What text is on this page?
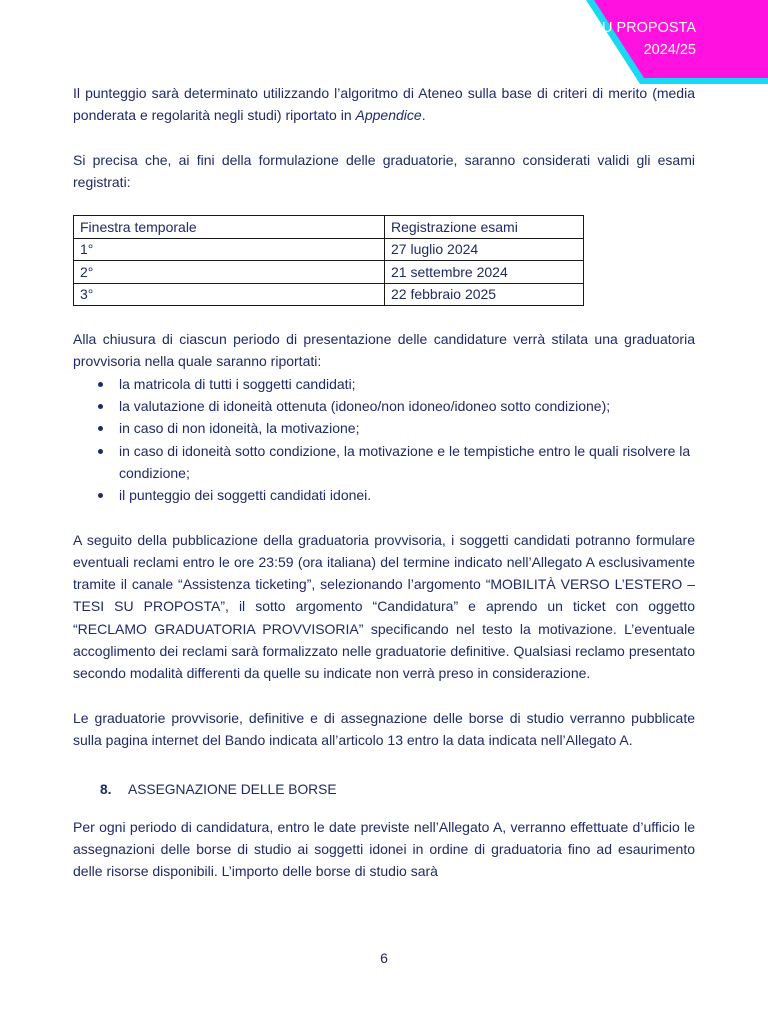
TESI SU PROPOSTA
2024/25

Il punteggio sarà determinato utilizzando l’algoritmo di Ateneo sulla base di criteri di merito (media ponderata e regolarità negli studi) riportato in Appendice.

Si precisa che, ai fini della formulazione delle graduatorie, saranno considerati validi gli esami registrati:

Finestra temporale	Registrazione esami
1°	27 luglio 2024
2°	21 settembre 2024
3°	22 febbraio 2025

Alla chiusura di ciascun periodo di presentazione delle candidature verrà stilata una graduatoria provvisoria nella quale saranno riportati:

la matricola di tutti i soggetti candidati;
la valutazione di idoneità ottenuta (idoneo/non idoneo/idoneo sotto condizione);
in caso di non idoneità, la motivazione;
in caso di idoneità sotto condizione, la motivazione e le tempistiche entro le quali risolvere la condizione;
il punteggio dei soggetti candidati idonei.

A seguito della pubblicazione della graduatoria provvisoria, i soggetti candidati potranno formulare eventuali reclami entro le ore 23:59 (ora italiana) del termine indicato nell’Allegato A esclusivamente tramite il canale “Assistenza ticketing”, selezionando l’argomento “MOBILITÀ VERSO L’ESTERO – TESI SU PROPOSTA”, il sotto argomento “Candidatura” e aprendo un ticket con oggetto “RECLAMO GRADUATORIA PROVVISORIA” specificando nel testo la motivazione. L’eventuale accoglimento dei reclami sarà formalizzato nelle graduatorie definitive. Qualsiasi reclamo presentato secondo modalità differenti da quelle su indicate non verrà preso in considerazione.

Le graduatorie provvisorie, definitive e di assegnazione delle borse di studio verranno pubblicate sulla pagina internet del Bando indicata all’articolo 13 entro la data indicata nell’Allegato A.

8. ASSEGNAZIONE DELLE BORSE

Per ogni periodo di candidatura, entro le date previste nell’Allegato A, verranno effettuate d’ufficio le assegnazioni delle borse di studio ai soggetti idonei in ordine di graduatoria fino ad esaurimento delle risorse disponibili. L’importo delle borse di studio sarà

6
